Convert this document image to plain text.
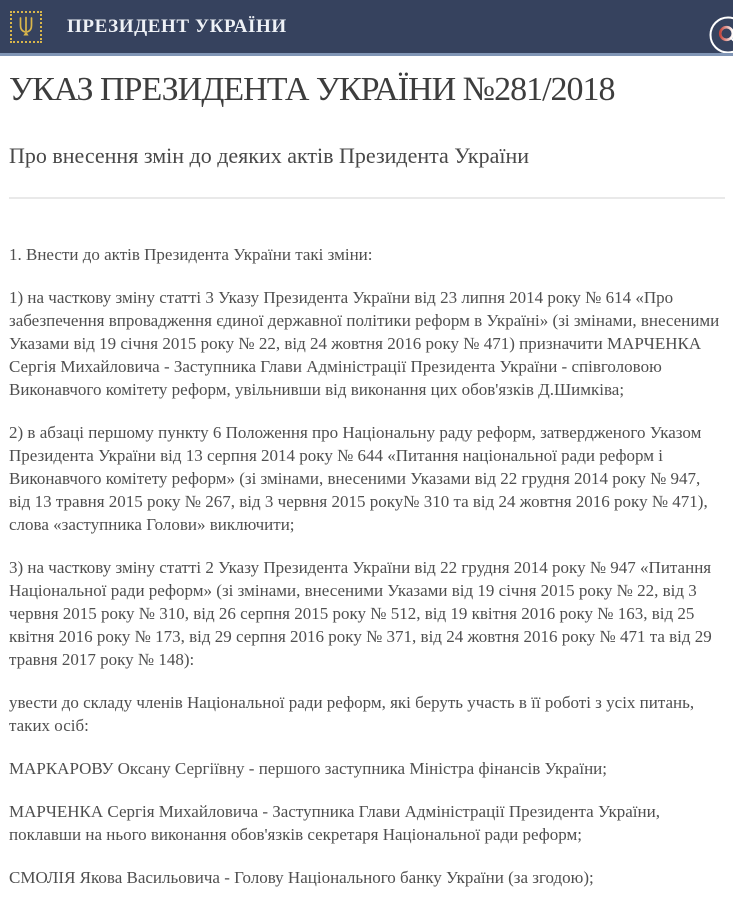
ПРЕЗИДЕНТ УКРАЇНИ
УКАЗ ПРЕЗИДЕНТА УКРАЇНИ №281/2018
Про внесення змін до деяких актів Президента України

1. Внести до актів Президента України такі зміни:

1) на часткову зміну статті 3 Указу Президента України від 23 липня 2014 року № 614 «Про забезпечення впровадження єдиної державної політики реформ в Україні» (зі змінами, внесеними Указами від 19 січня 2015 року № 22, від 24 жовтня 2016 року № 471) призначити МАРЧЕНКА Сергія Михайловича - Заступника Глави Адміністрації Президента України - співголовою Виконавчого комітету реформ, увільнивши від виконання цих обов'язків Д.Шимківа;

2) в абзаці першому пункту 6 Положення про Національну раду реформ, затвердженого Указом Президента України від 13 серпня 2014 року № 644 «Питання національної ради реформ і Виконавчого комітету реформ» (зі змінами, внесеними Указами від 22 грудня 2014 року № 947, від 13 травня 2015 року № 267, від 3 червня 2015 року№ 310 та від 24 жовтня 2016 року № 471), слова «заступника Голови» виключити;

3) на часткову зміну статті 2 Указу Президента України від 22 грудня 2014 року № 947 «Питання Національної ради реформ» (зі змінами, внесеними Указами від 19 січня 2015 року № 22, від 3 червня 2015 року № 310, від 26 серпня 2015 року № 512, від 19 квітня 2016 року № 163, від 25 квітня 2016 року № 173, від 29 серпня 2016 року № 371, від 24 жовтня 2016 року № 471 та від 29 травня 2017 року № 148):

увести до складу членів Національної ради реформ, які беруть участь в її роботі з усіх питань, таких осіб:

МАРКАРОВУ Оксану Сергіївну - першого заступника Міністра фінансів України;

МАРЧЕНКА Сергія Михайловича - Заступника Глави Адміністрації Президента України, поклавши на нього виконання обов'язків секретаря Національної ради реформ;

СМОЛІЯ Якова Васильовича - Голову Національного банку України (за згодою);
